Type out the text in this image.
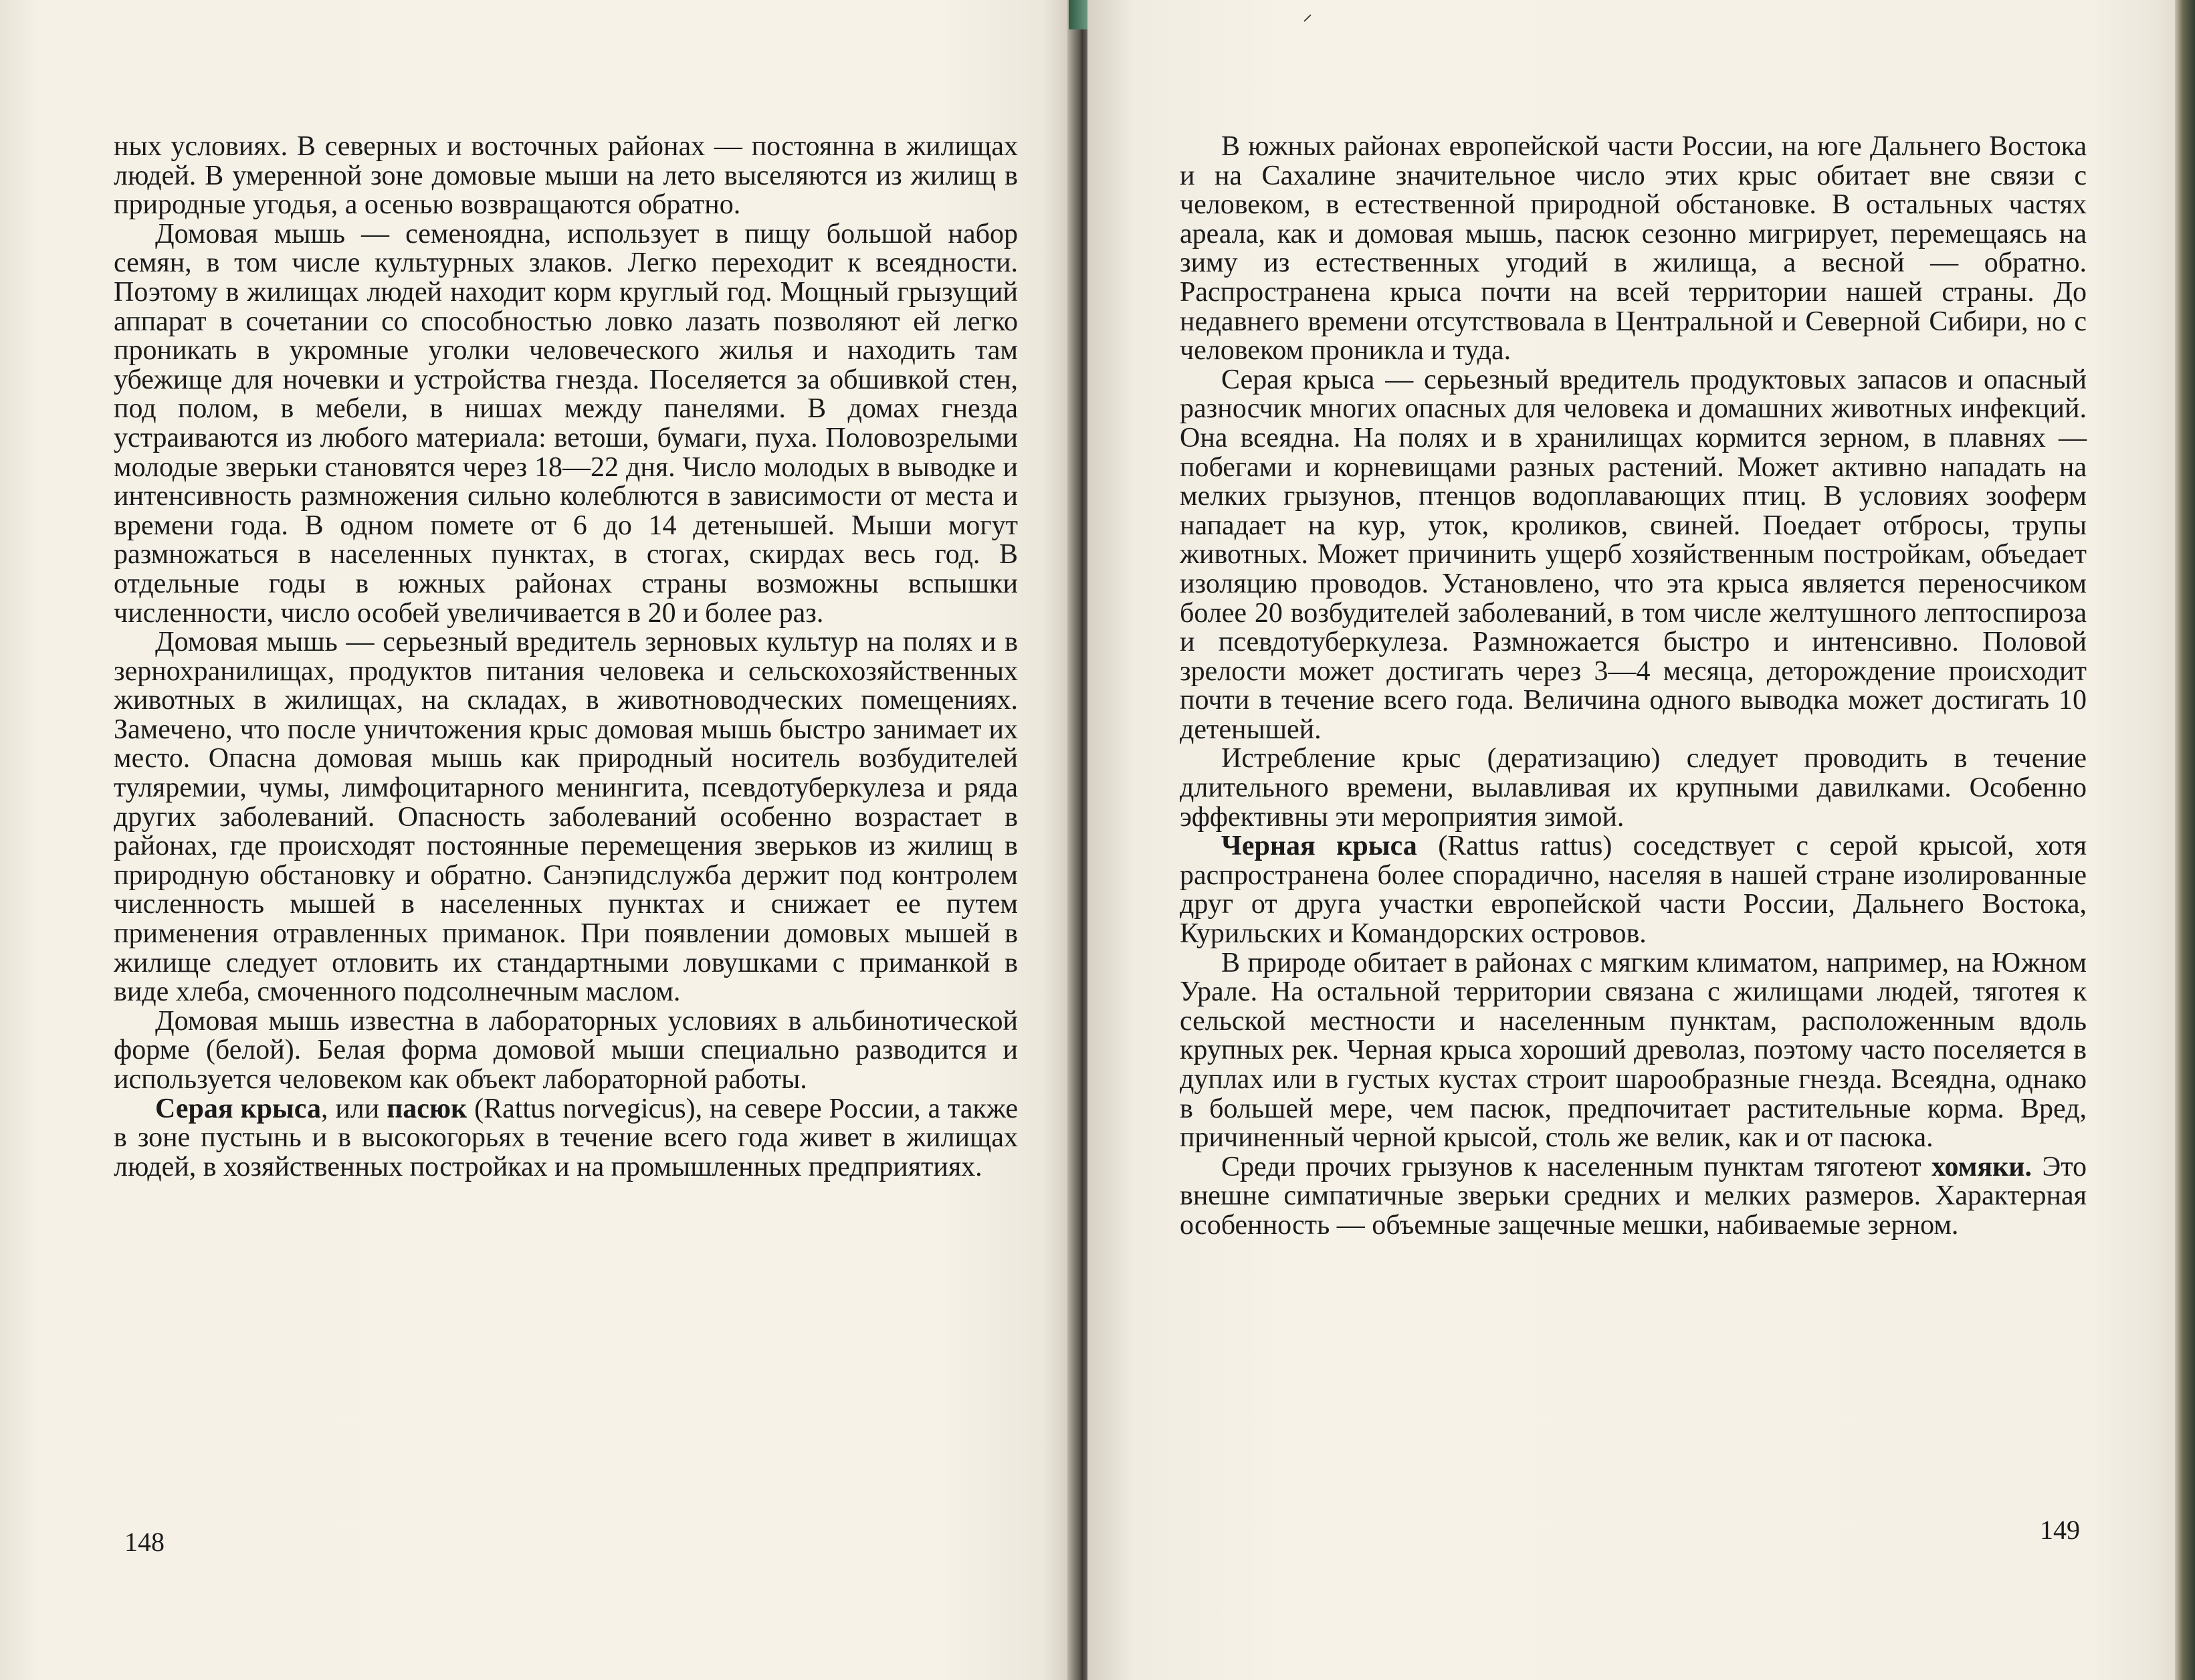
ных условиях. В северных и восточных районах — постоянна в жилищах людей. В умеренной зоне домовые мыши на лето выселяются из жилищ в природные угодья, а осенью возвращаются обратно.

Домовая мышь — семеноядна, использует в пищу большой набор семян, в том числе культурных злаков. Легко переходит к всеядности. Поэтому в жилищах людей находит корм круглый год. Мощный грызущий аппарат в сочетании со способностью ловко лазать позволяют ей легко проникать в укромные уголки человеческого жилья и находить там убежище для ночевки и устройства гнезда. Поселяется за обшивкой стен, под полом, в мебели, в нишах между панелями. В домах гнезда устраиваются из любого материала: ветоши, бумаги, пуха. Половозрелыми молодые зверьки становятся через 18—22 дня. Число молодых в выводке и интенсивность размножения сильно колеблются в зависимости от места и времени года. В одном помете от 6 до 14 детенышей. Мыши могут размножаться в населенных пунктах, в стогах, скирдах весь год. В отдельные годы в южных районах страны возможны вспышки численности, число особей увеличивается в 20 и более раз.

Домовая мышь — серьезный вредитель зерновых культур на полях и в зернохранилищах, продуктов питания человека и сельскохозяйственных животных в жилищах, на складах, в животноводческих помещениях. Замечено, что после уничтожения крыс домовая мышь быстро занимает их место. Опасна домовая мышь как природный носитель возбудителей туляремии, чумы, лимфоцитарного менингита, псевдотуберкулеза и ряда других заболеваний. Опасность заболеваний особенно возрастает в районах, где происходят постоянные перемещения зверьков из жилищ в природную обстановку и обратно. Санэпидслужба держит под контролем численность мышей в населенных пунктах и снижает ее путем применения отравленных приманок. При появлении домовых мышей в жилище следует отловить их стандартными ловушками с приманкой в виде хлеба, смоченного подсолнечным маслом.

Домовая мышь известна в лабораторных условиях в альбинотической форме (белой). Белая форма домовой мыши специально разводится и используется человеком как объект лабораторной работы.

Серая крыса, или пасюк (Rattus norvegicus), на севере России, а также в зоне пустынь и в высокогорьях в течение всего года живет в жилищах людей, в хозяйственных постройках и на промышленных предприятиях.

148

В южных районах европейской части России, на юге Дальнего Востока и на Сахалине значительное число этих крыс обитает вне связи с человеком, в естественной природной обстановке. В остальных частях ареала, как и домовая мышь, пасюк сезонно мигрирует, перемещаясь на зиму из естественных угодий в жилища, а весной — обратно. Распространена крыса почти на всей территории нашей страны. До недавнего времени отсутствовала в Центральной и Северной Сибири, но с человеком проникла и туда.

Серая крыса — серьезный вредитель продуктовых запасов и опасный разносчик многих опасных для человека и домашних животных инфекций. Она всеядна. На полях и в хранилищах кормится зерном, в плавнях — побегами и корневищами разных растений. Может активно нападать на мелких грызунов, птенцов водоплавающих птиц. В условиях зооферм нападает на кур, уток, кроликов, свиней. Поедает отбросы, трупы животных. Может причинить ущерб хозяйственным постройкам, объедает изоляцию проводов. Установлено, что эта крыса является переносчиком более 20 возбудителей заболеваний, в том числе желтушного лептоспироза и псевдотуберкулеза. Размножается быстро и интенсивно. Половой зрелости может достигать через 3—4 месяца, деторождение происходит почти в течение всего года. Величина одного выводка может достигать 10 детенышей.

Истребление крыс (дератизацию) следует проводить в течение длительного времени, вылавливая их крупными давилками. Особенно эффективны эти мероприятия зимой.

Черная крыса (Rattus rattus) соседствует с серой крысой, хотя распространена более спорадично, населяя в нашей стране изолированные друг от друга участки европейской части России, Дальнего Востока, Курильских и Командорских островов.

В природе обитает в районах с мягким климатом, например, на Южном Урале. На остальной территории связана с жилищами людей, тяготея к сельской местности и населенным пунктам, расположенным вдоль крупных рек. Черная крыса хороший древолаз, поэтому часто поселяется в дуплах или в густых кустах строит шарообразные гнезда. Всеядна, однако в большей мере, чем пасюк, предпочитает растительные корма. Вред, причиненный черной крысой, столь же велик, как и от пасюка.

Среди прочих грызунов к населенным пунктам тяготеют хомяки. Это внешне симпатичные зверьки средних и мелких размеров. Характерная особенность — объемные защечные мешки, набиваемые зерном.

149
